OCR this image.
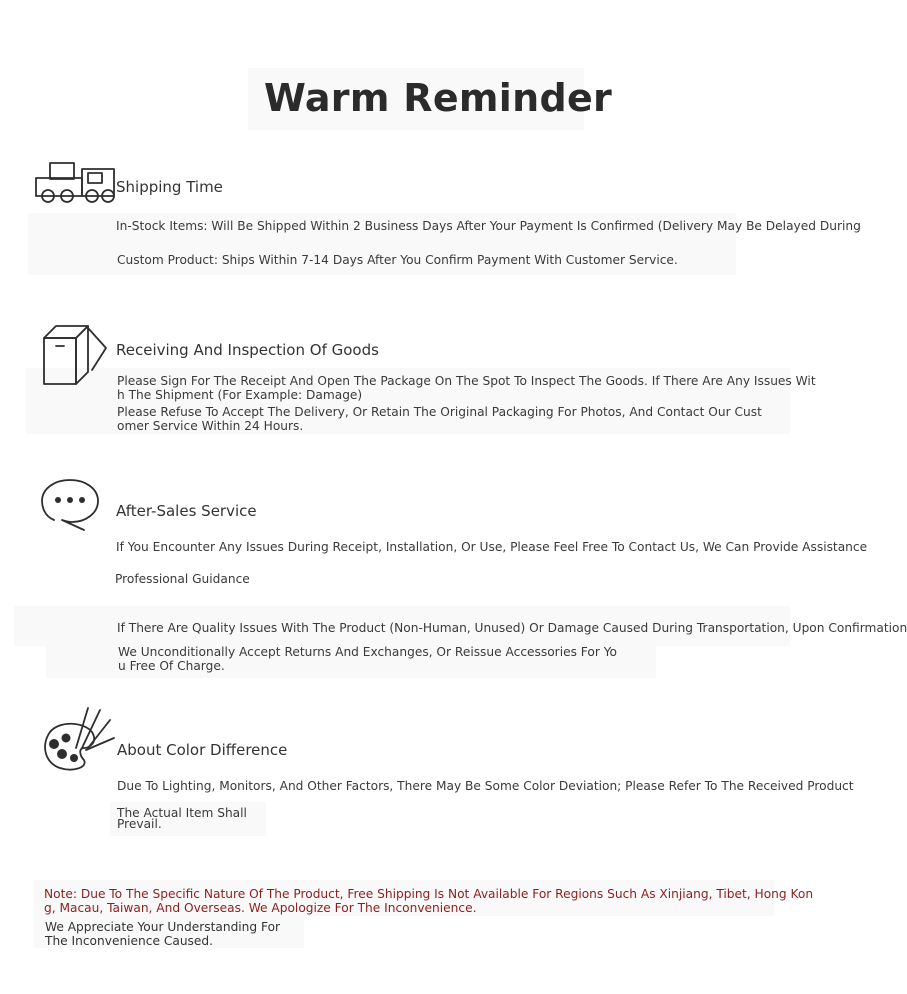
Warm Reminder
Shipping Time
In-Stock Items: Will Be Shipped Within 2 Business Days After Your Payment Is Confirmed (Delivery May Be Delayed During
Custom Product: Ships Within 7-14 Days After You Confirm Payment With Customer Service.
Receiving And Inspection Of Goods
Please Sign For The Receipt And Open The Package On The Spot To Inspect The Goods. If There Are Any Issues Wit
h The Shipment (For Example: Damage)
Please Refuse To Accept The Delivery, Or Retain The Original Packaging For Photos, And Contact Our Cust
omer Service Within 24 Hours.
After-Sales Service
If You Encounter Any Issues During Receipt, Installation, Or Use, Please Feel Free To Contact Us, We Can Provide Assistance
Professional Guidance
If There Are Quality Issues With The Product (Non-Human, Unused) Or Damage Caused During Transportation, Upon Confirmation
We Unconditionally Accept Returns And Exchanges, Or Reissue Accessories For Yo
u Free Of Charge.
About Color Difference
Due To Lighting, Monitors, And Other Factors, There May Be Some Color Deviation; Please Refer To The Received Product
The Actual Item Shall
Prevail.
Note: Due To The Specific Nature Of The Product, Free Shipping Is Not Available For Regions Such As Xinjiang, Tibet, Hong Kon
g, Macau, Taiwan, And Overseas. We Apologize For The Inconvenience.
We Appreciate Your Understanding For
The Inconvenience Caused.
